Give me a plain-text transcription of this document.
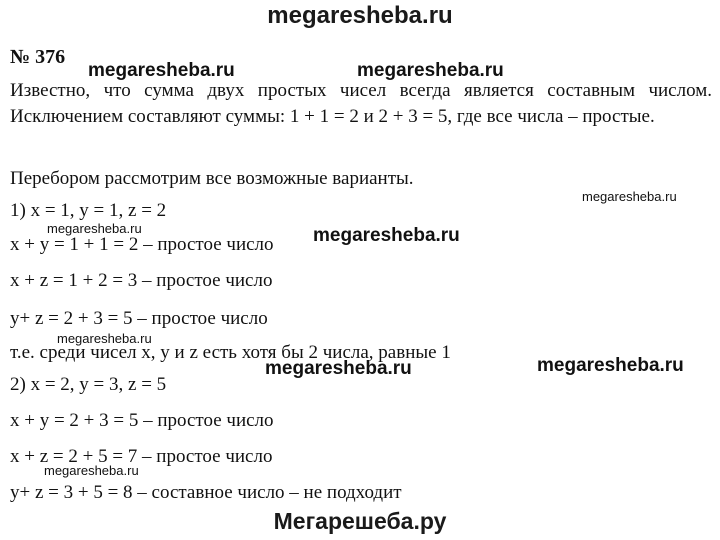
megaresheba.ru
№ 376
Известно, что сумма двух простых чисел всегда является составным числом. Исключением составляют суммы: 1 + 1 = 2 и 2 + 3 = 5, где все числа – простые.
Перебором рассмотрим все возможные варианты.
1) x = 1, y = 1, z = 2
x + y = 1 + 1 = 2 – простое число
x + z = 1 + 2 = 3 – простое число
y+ z = 2 + 3 = 5 – простое число
т.е. среди чисел x, y и z есть хотя бы 2 числа, равные 1
2) x = 2, y = 3, z = 5
x + y = 2 + 3 = 5 – простое число
x + z = 2 + 5 = 7 – простое число
y+ z = 3 + 5 = 8 – составное число – не подходит
megaresheba.ru	megaresheba.ru
megaresheba.ru
megaresheba.ru
megaresheba.ru
megaresheba.ru
megaresheba.ru	megaresheba.ru
megaresheba.ru
Мегарешеба.ру
